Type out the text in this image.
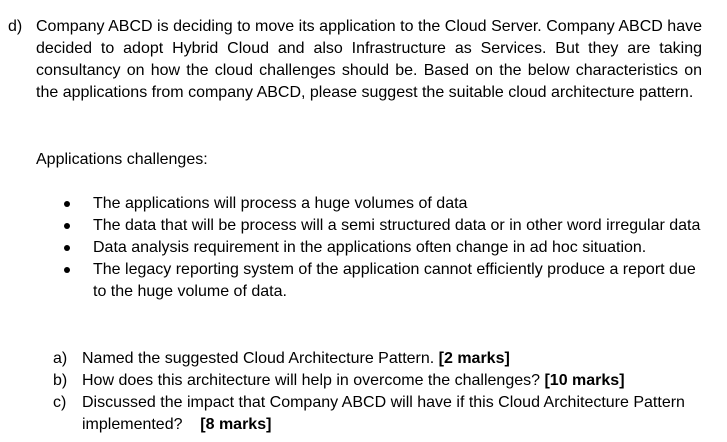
d) Company ABCD is deciding to move its application to the Cloud Server. Company ABCD have decided to adopt Hybrid Cloud and also Infrastructure as Services. But they are taking consultancy on how the cloud challenges should be. Based on the below characteristics on the applications from company ABCD, please suggest the suitable cloud architecture pattern.
Applications challenges:
The applications will process a huge volumes of data
The data that will be process will a semi structured data or in other word irregular data
Data analysis requirement in the applications often change in ad hoc situation.
The legacy reporting system of the application cannot efficiently produce a report due to the huge volume of data.
a) Named the suggested Cloud Architecture Pattern. [2 marks]
b) How does this architecture will help in overcome the challenges? [10 marks]
c) Discussed the impact that Company ABCD will have if this Cloud Architecture Pattern implemented?    [8 marks]
